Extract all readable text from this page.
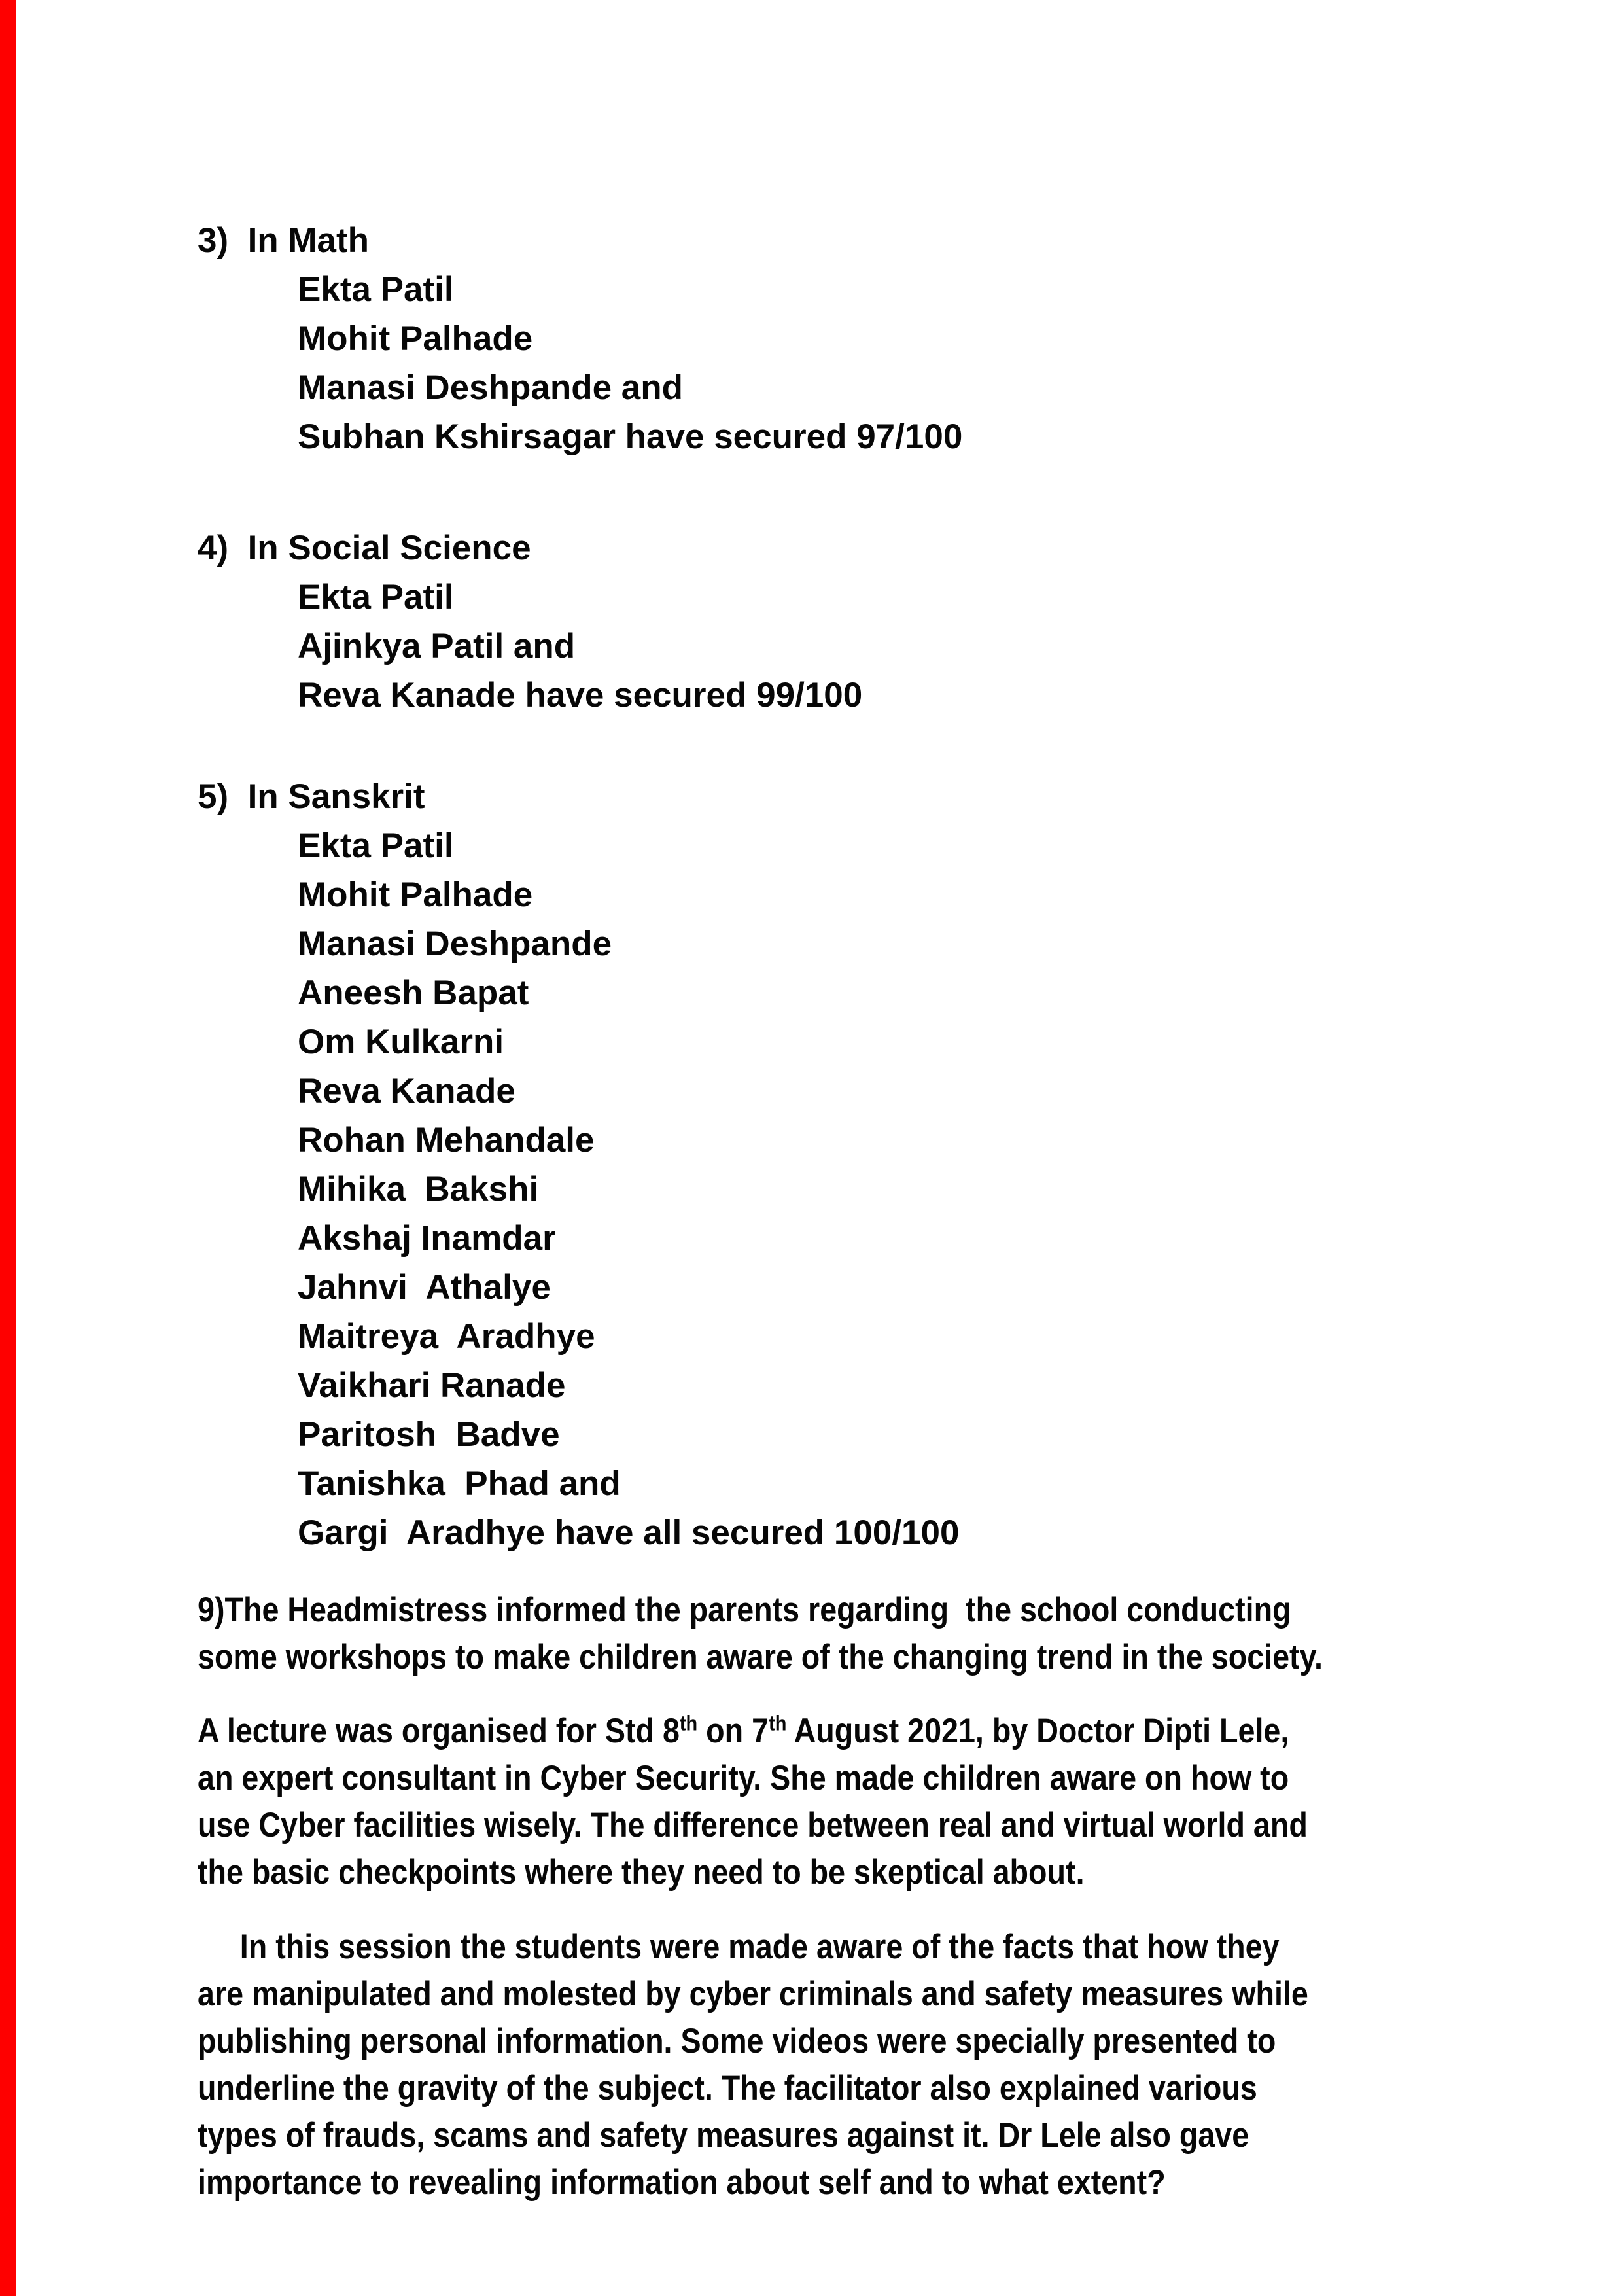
3)  In Math
Ekta Patil
Mohit Palhade
Manasi Deshpande and
Subhan Kshirsagar have secured 97/100
4)  In Social Science
Ekta Patil
Ajinkya Patil and
Reva Kanade have secured 99/100
5)  In Sanskrit
Ekta Patil
Mohit Palhade
Manasi Deshpande
Aneesh Bapat
Om Kulkarni
Reva Kanade
Rohan Mehandale
Mihika  Bakshi
Akshaj Inamdar
Jahnvi  Athalye
Maitreya  Aradhye
Vaikhari Ranade
Paritosh  Badve
Tanishka  Phad and
Gargi  Aradhye have all secured 100/100
9)The Headmistress informed the parents regarding  the school conducting
some workshops to make children aware of the changing trend in the society.
A lecture was organised for Std 8th on 7th August 2021, by Doctor Dipti Lele,
an expert consultant in Cyber Security. She made children aware on how to
use Cyber facilities wisely. The difference between real and virtual world and
the basic checkpoints where they need to be skeptical about.
In this session the students were made aware of the facts that how they
are manipulated and molested by cyber criminals and safety measures while
publishing personal information. Some videos were specially presented to
underline the gravity of the subject. The facilitator also explained various
types of frauds, scams and safety measures against it. Dr Lele also gave
importance to revealing information about self and to what extent?
